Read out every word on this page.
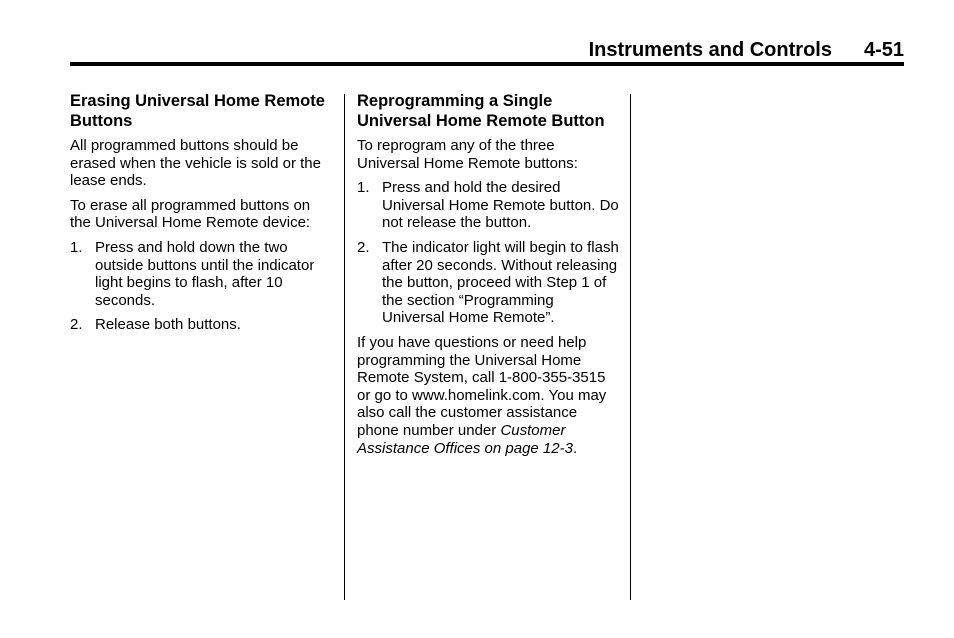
Instruments and Controls 4-51
Erasing Universal Home Remote Buttons

All programmed buttons should be erased when the vehicle is sold or the lease ends.

To erase all programmed buttons on the Universal Home Remote device:

1. Press and hold down the two outside buttons until the indicator light begins to flash, after 10 seconds.
2. Release both buttons.
Reprogramming a Single Universal Home Remote Button

To reprogram any of the three Universal Home Remote buttons:

1. Press and hold the desired Universal Home Remote button. Do not release the button.
2. The indicator light will begin to flash after 20 seconds. Without releasing the button, proceed with Step 1 of the section “Programming Universal Home Remote”.

If you have questions or need help programming the Universal Home Remote System, call 1-800-355-3515 or go to www.homelink.com. You may also call the customer assistance phone number under Customer Assistance Offices on page 12-3.
